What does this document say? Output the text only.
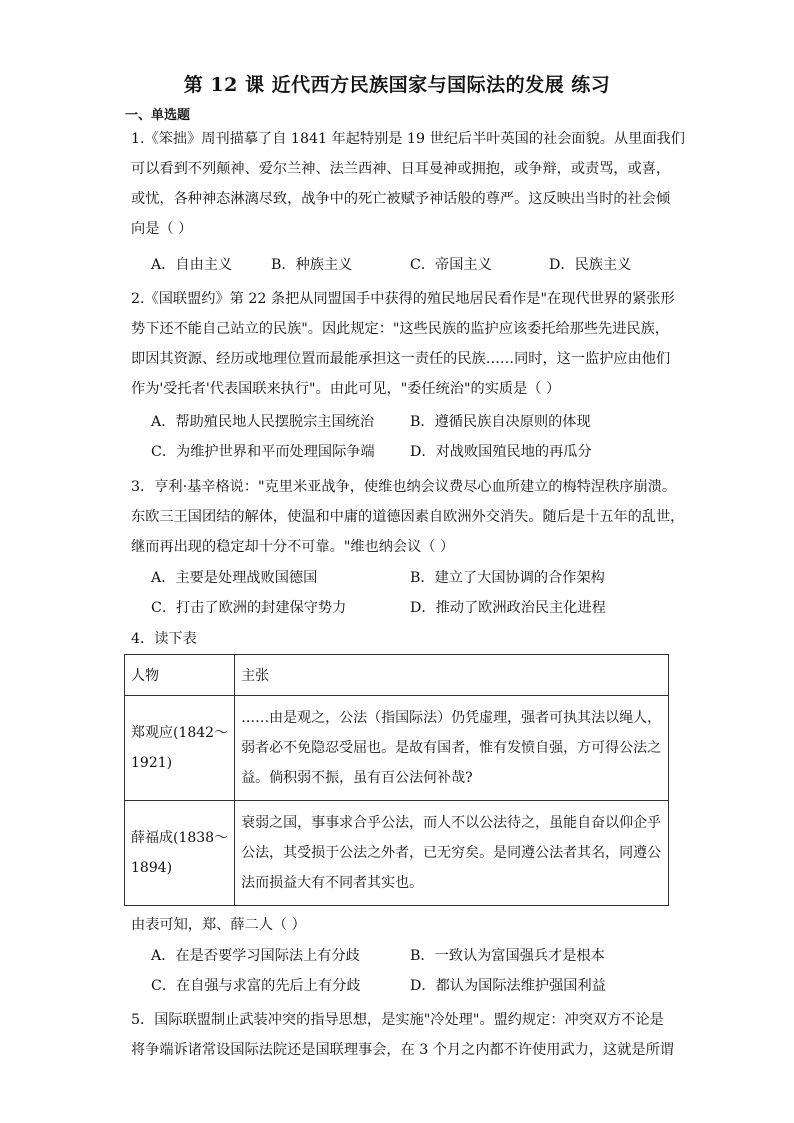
第 12 课 近代西方民族国家与国际法的发展 练习
一、单选题
1.《笨拙》周刊描摹了自 1841 年起特别是 19 世纪后半叶英国的社会面貌。从里面我们
可以看到不列颠神、爱尔兰神、法兰西神、日耳曼神或拥抱，或争辩，或责骂，或喜，
或忧，各种神态淋漓尽致，战争中的死亡被赋予神话般的尊严。这反映出当时的社会倾
向是（ ）
A．自由主义	B．种族主义	C．帝国主义	D．民族主义
2.《国联盟约》第 22 条把从同盟国手中获得的殖民地居民看作是"在现代世界的紧张形
势下还不能自己站立的民族"。因此规定："这些民族的监护应该委托给那些先进民族，
即因其资源、经历或地理位置而最能承担这一责任的民族……同时，这一监护应由他们
作为'受托者'代表国联来执行"。由此可见，"委任统治"的实质是（ ）
A．帮助殖民地人民摆脱宗主国统治	B．遵循民族自决原则的体现
C．为维护世界和平而处理国际争端 D．对战败国殖民地的再瓜分
3．亨利·基辛格说："克里米亚战争，使维也纳会议费尽心血所建立的梅特涅秩序崩溃。
东欧三王国团结的解体，使温和中庸的道德因素自欧洲外交消失。随后是十五年的乱世，
继而再出现的稳定却十分不可靠。"维也纳会议（ ）
A．主要是处理战败国德国	B．建立了大国协调的合作架构
C．打击了欧洲的封建保守势力	D．推动了欧洲政治民主化进程
4．读下表
人物	主张

郑观应(1842～
1921)	……由是观之，公法（指国际法）仍凭虚理，强者可执其法以绳人，
弱者必不免隐忍受屈也。是故有国者，惟有发愤自强，方可得公法之
益。倘积弱不振，虽有百公法何补哉?

薛福成(1838～
1894)	衰弱之国，事事求合乎公法，而人不以公法待之，虽能自奋以仰企乎
公法，其受损于公法之外者，已无穷矣。是同遵公法者其名，同遵公
法而损益大有不同者其实也。
由表可知，郑、薛二人（ ）
A．在是否要学习国际法上有分歧	B．一致认为富国强兵才是根本
C．在自强与求富的先后上有分歧	D．都认为国际法维护强国利益
5．国际联盟制止武装冲突的指导思想，是实施"冷处理"。盟约规定：冲突双方不论是
将争端诉诸常设国际法院还是国联理事会，在 3 个月之内都不许使用武力，这就是所谓
